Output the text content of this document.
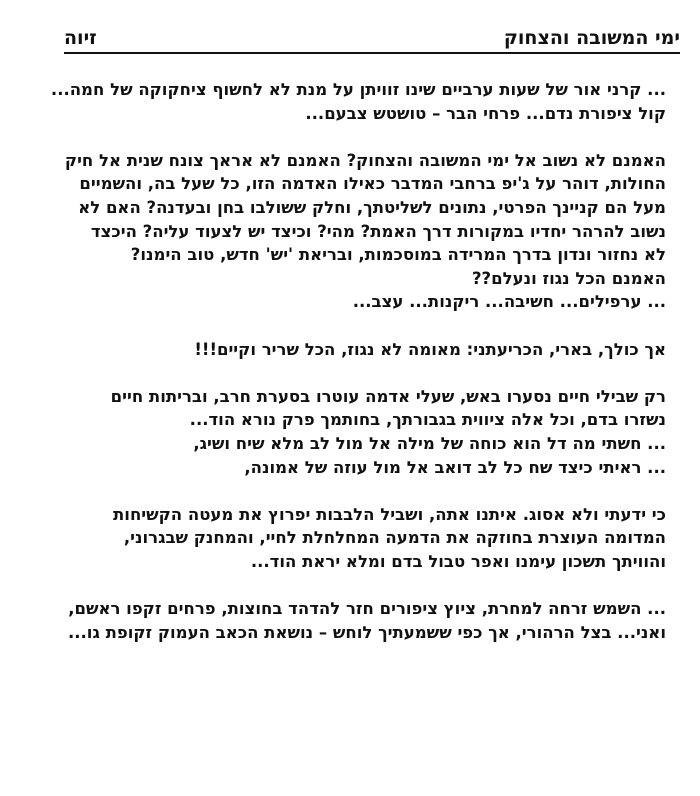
ימי המשובה והצחוק
זיוה

... קרני אור של שעות ערביים שינו זוויתן על מנת לא לחשוף ציחקוקה של חמה...
קול ציפורת נדם... פרחי הבר – טושטש צבעם...

האמנם לא נשוב אל ימי המשובה והצחוק? האמנם לא אראך צונח שנית אל חיק
החולות, דוהר על ג'יפ ברחבי המדבר כאילו האדמה הזו, כל שעל בה, והשמיים
מעל הם קניינך הפרטי, נתונים לשליטתך, וחלק ששולבו בחן ובעדנה? האם לא
נשוב להרהר יחדיו במקורות דרך האמת? מהי? וכיצד יש לצעוד עליה? היכצד
לא נחזור ונדון בדרך המרידה במוסכמות, ובריאת 'יש' חדש, טוב הימנו?
האמנם הכל נגוז ונעלם??
... ערפילים... חשיבה... ריקנות... עצב...

אך כולך, בארי, הכריעתני: מאומה לא נגוז, הכל שריר וקיים!!!

רק שבילי חיים נסערו באש, שעלי אדמה עוטרו בסערת חרב, ובריתות חיים
נשזרו בדם, וכל אלה ציווית בגבורתך, בחותמך פרק נורא הוד...
... חשתי מה דל הוא כוחה של מילה אל מול לב מלא שיח ושיג,
... ראיתי כיצד שח כל לב דואב אל מול עוזה של אמונה,

כי ידעתי ולא אסוג. איתנו אתה, ושביל הלבבות יפרוץ את מעטה הקשיחות
המדומה העוצרת בחוזקה את הדמעה המחלחלת לחיי, והמחנק שבגרוני,
והוויתך תשכון עימנו ואפר טבול בדם ומלא יראת הוד...

... השמש זרחה למחרת, ציוץ ציפורים חזר להדהד בחוצות, פרחים זקפו ראשם,
ואני... בצל הרהורי, אך כפי ששמעתיך לוחש – נושאת הכאב העמוק זקופת גו...
